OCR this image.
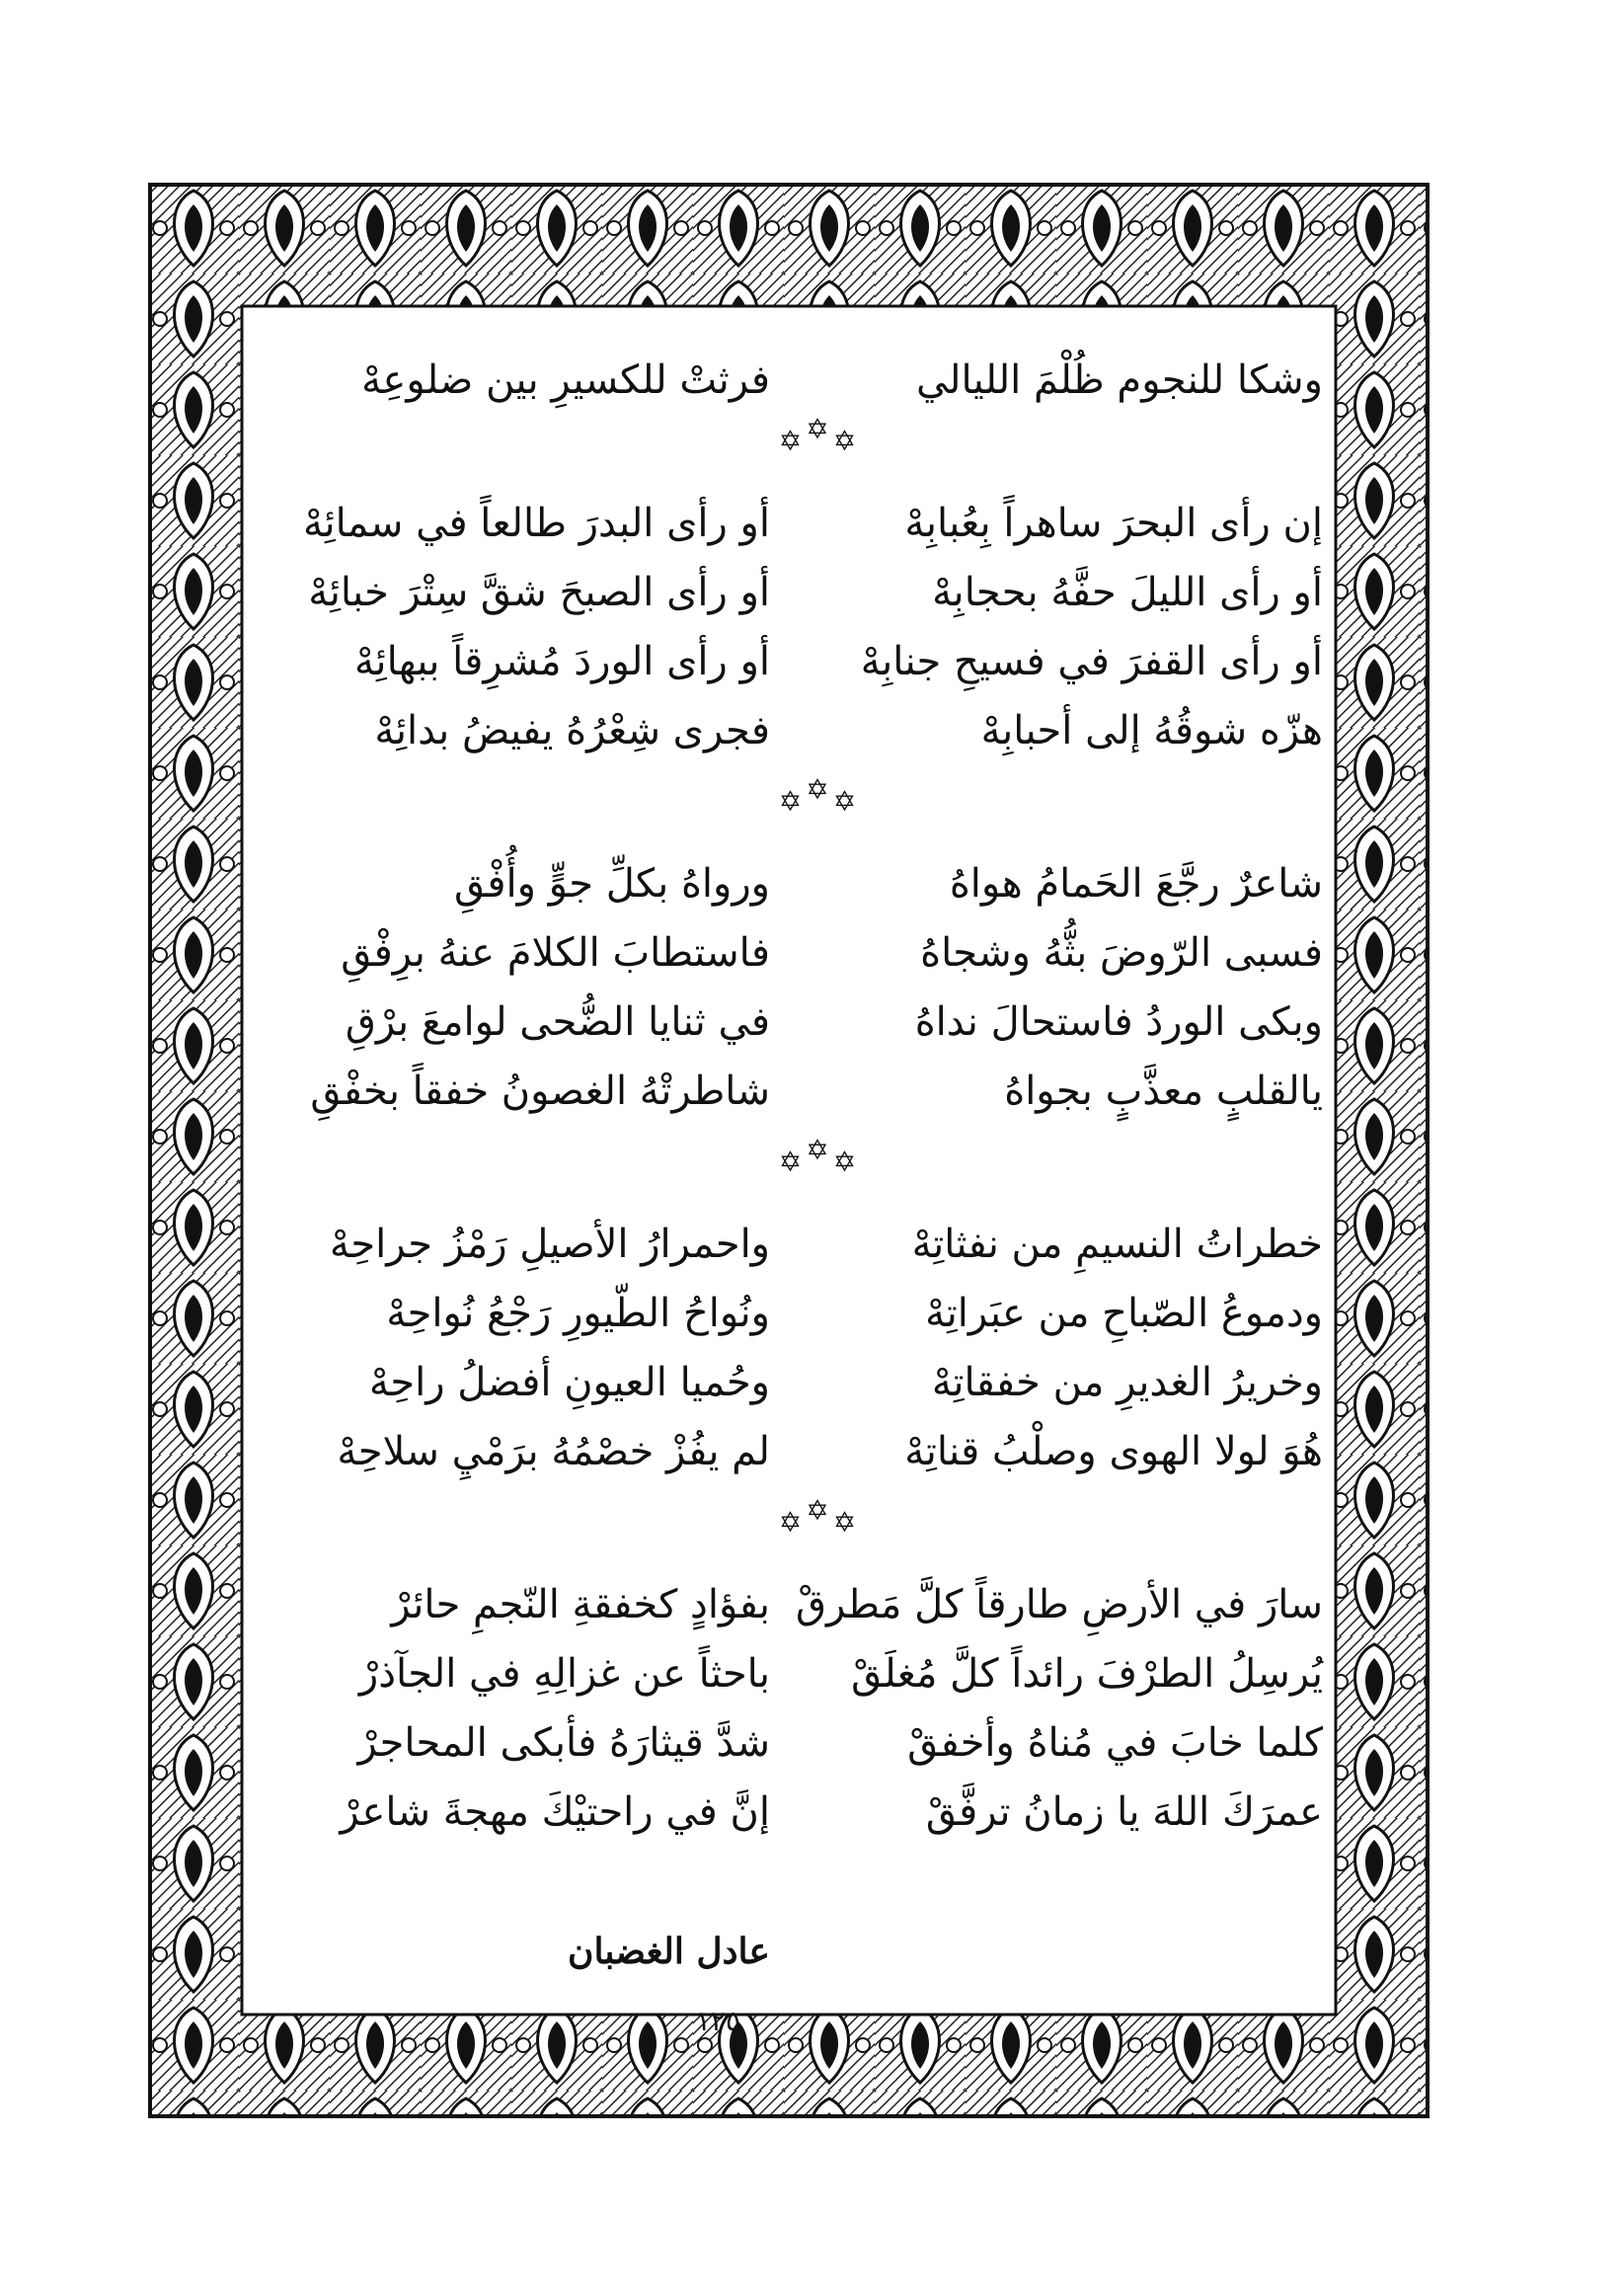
وشكا للنجوم ظُلْمَ الليالي
فرثتْ للكسيرِ بين ضلوعِهْ
✡✡✡
إن رأى البحرَ ساهراً بِعُبابِهْ
أو رأى البدرَ طالعاً في سمائِهْ
أو رأى الليلَ حفَّهُ بحجابِهْ
أو رأى الصبحَ شقَّ سِتْرَ خبائِهْ
أو رأى القفرَ في فسيحِ جنابِهْ
أو رأى الوردَ مُشرِقاً ببهائِهْ
هزّه شوقُهُ إلى أحبابِهْ
فجرى شِعْرُهُ يفيضُ بدائِهْ
✡✡✡
شاعرٌ رجَّعَ الحَمامُ هواهُ
ورواهُ بكلِّ جوٍّ وأُفْقِ
فسبى الرّوضَ بثُّهُ وشجاهُ
فاستطابَ الكلامَ عنهُ برِفْقِ
وبكى الوردُ فاستحالَ نداهُ
في ثنايا الضُّحى لوامعَ برْقِ
يالقلبٍ معذَّبٍ بجواهُ
شاطرتْهُ الغصونُ خفقاً بخفْقِ
✡✡✡
خطراتُ النسيمِ من نفثاتِهْ
واحمرارُ الأصيلِ رَمْزُ جراحِهْ
ودموعُ الصّباحِ من عبَراتِهْ
ونُواحُ الطّيورِ رَجْعُ نُواحِهْ
وخريرُ الغديرِ من خفقاتِهْ
وحُميا العيونِ أفضلُ راحِهْ
هُوَ لولا الهوى وصلْبُ قناتِهْ
لم يفُزْ خصْمُهُ برَمْيِ سلاحِهْ
✡✡✡
سارَ في الأرضِ طارقاً كلَّ مَطرقْ
بفؤادٍ كخفقةِ النّجمِ حائرْ
يُرسِلُ الطرْفَ رائداً كلَّ مُغلَقْ
باحثاً عن غزالِهِ في الجآذرْ
كلما خابَ في مُناهُ وأخفقْ
شدَّ قيثارَهُ فأبكى المحاجرْ
عمرَكَ اللهَ يا زمانُ ترفَّقْ
إنَّ في راحتيْكَ مهجةَ شاعرْ
عادل الغضبان
١٢٥
